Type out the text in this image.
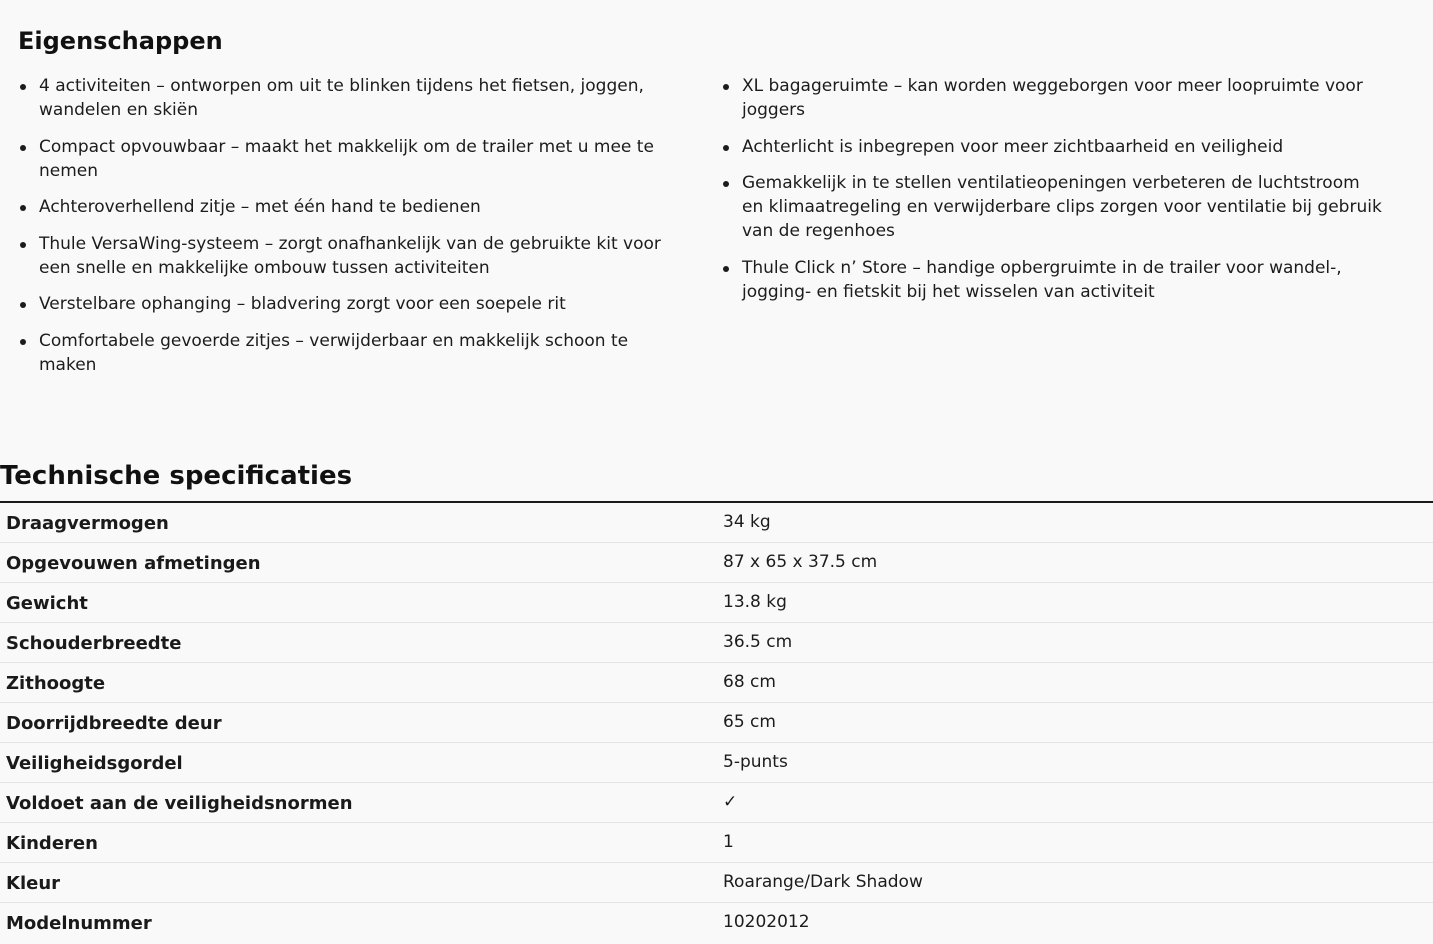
Eigenschappen
4 activiteiten – ontworpen om uit te blinken tijdens het fietsen, joggen, wandelen en skiën
Compact opvouwbaar – maakt het makkelijk om de trailer met u mee te nemen
Achteroverhellend zitje – met één hand te bedienen
Thule VersaWing-systeem – zorgt onafhankelijk van de gebruikte kit voor een snelle en makkelijke ombouw tussen activiteiten
Verstelbare ophanging – bladvering zorgt voor een soepele rit
Comfortabele gevoerde zitjes – verwijderbaar en makkelijk schoon te maken
XL bagageruimte – kan worden weggeborgen voor meer loopruimte voor joggers
Achterlicht is inbegrepen voor meer zichtbaarheid en veiligheid
Gemakkelijk in te stellen ventilatieopeningen verbeteren de luchtstroom en klimaatregeling en verwijderbare clips zorgen voor ventilatie bij gebruik van de regenhoes
Thule Click n’ Store – handige opbergruimte in de trailer voor wandel-, jogging- en fietskit bij het wisselen van activiteit
Technische specificaties
Draagvermogen	34 kg
Opgevouwen afmetingen	87 x 65 x 37.5 cm
Gewicht	13.8 kg
Schouderbreedte	36.5 cm
Zithoogte	68 cm
Doorrijdbreedte deur	65 cm
Veiligheidsgordel	5-punts
Voldoet aan de veiligheidsnormen	✓
Kinderen	1
Kleur	Roarange/Dark Shadow
Modelnummer	10202012
